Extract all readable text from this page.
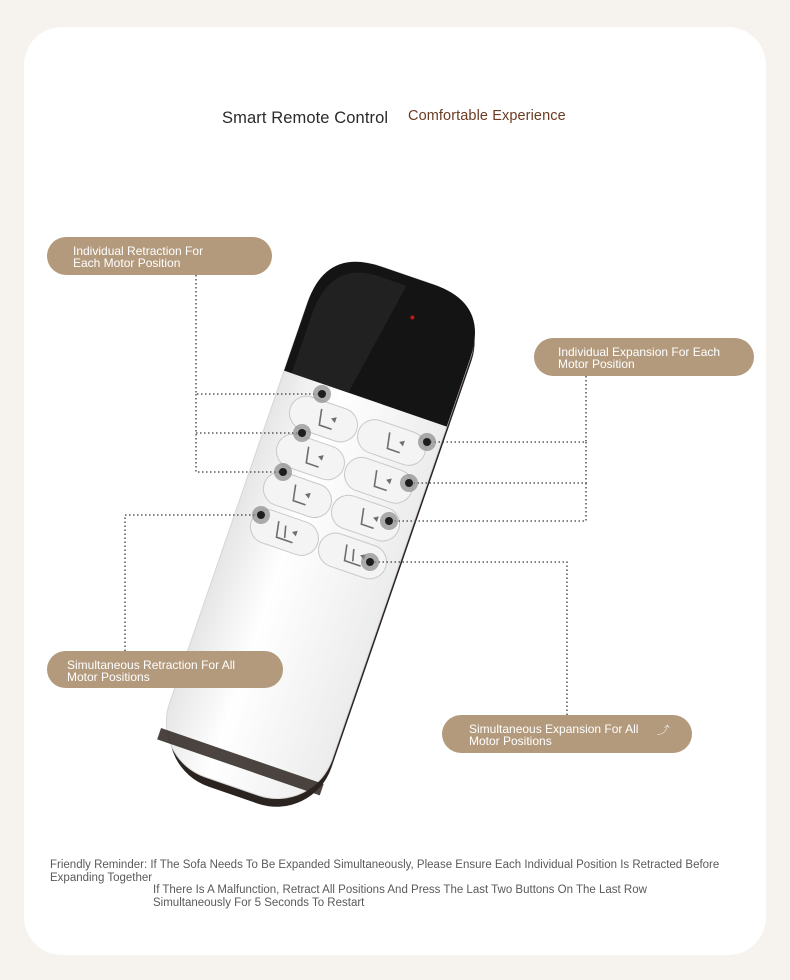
Smart Remote Control Comfortable Experience
Individual Retraction For
Each Motor Position
Individual Expansion For Each
Motor Position
Simultaneous Retraction For All
Motor Positions
Simultaneous Expansion For All
Motor Positions
⤴
Friendly Reminder: If The Sofa Needs To Be Expanded Simultaneously, Please Ensure Each Individual Position Is Retracted Before Expanding Together
If There Is A Malfunction, Retract All Positions And Press The Last Two Buttons On The Last Row Simultaneously For 5 Seconds To Restart
